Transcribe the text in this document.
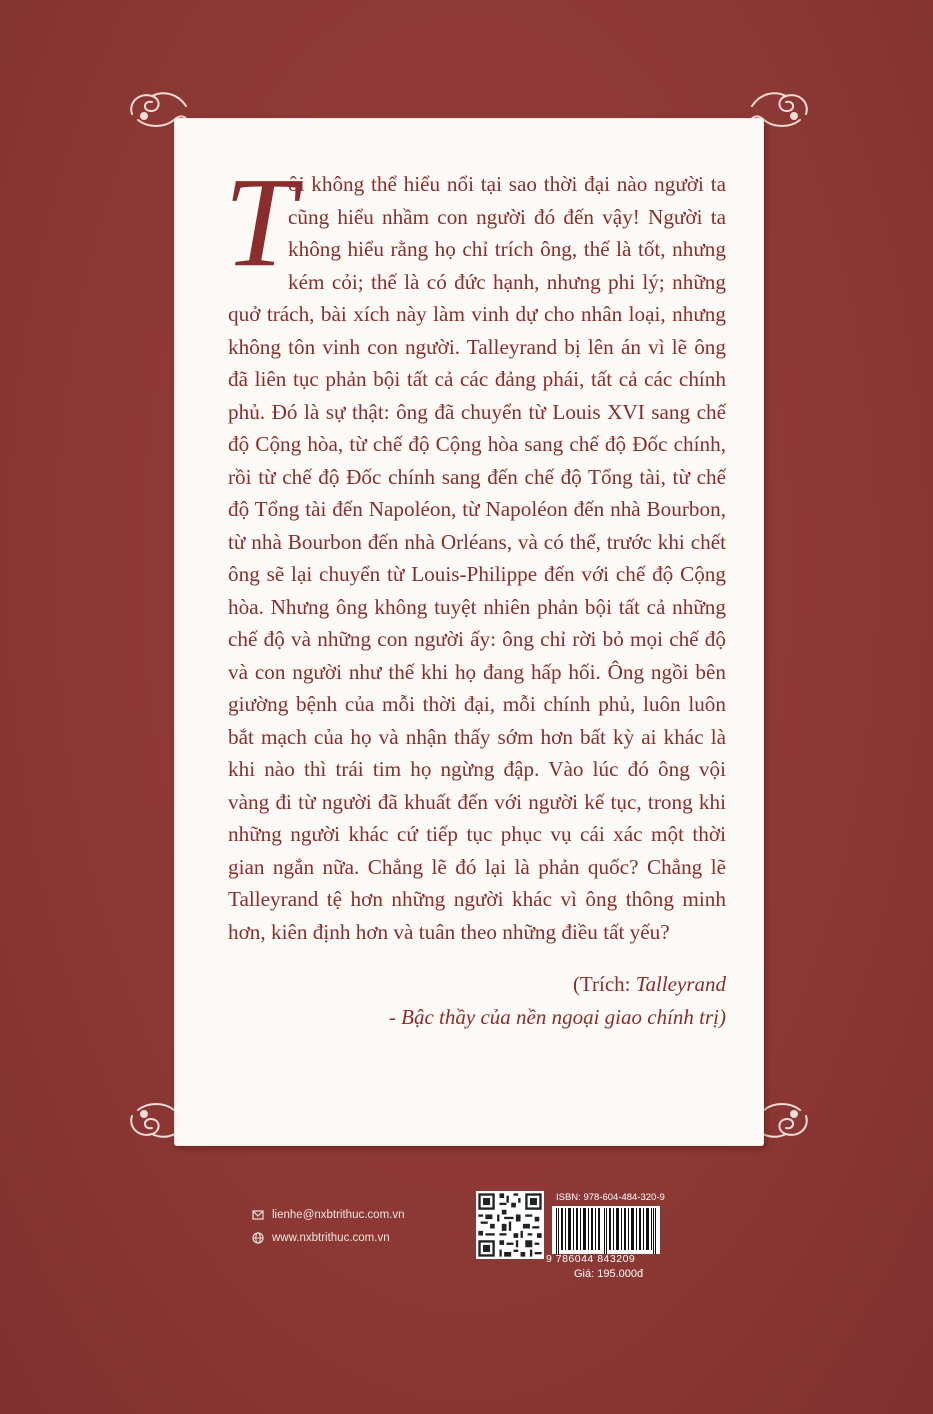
T
ôi không thể hiểu nổi tại sao thời đại nào người ta cũng hiểu nhầm con người đó đến vậy! Người ta không hiểu rằng họ chỉ trích ông, thế là tốt, nhưng kém cỏi; thế là có đức hạnh, nhưng phi lý; những quở trách, bài xích này làm vinh dự cho nhân loại, nhưng không tôn vinh con người. Talleyrand bị lên án vì lẽ ông đã liên tục phản bội tất cả các đảng phái, tất cả các chính phủ. Đó là sự thật: ông đã chuyển từ Louis XVI sang chế độ Cộng hòa, từ chế độ Cộng hòa sang chế độ Đốc chính, rồi từ chế độ Đốc chính sang đến chế độ Tổng tài, từ chế độ Tổng tài đến Napoléon, từ Napoléon đến nhà Bourbon, từ nhà Bourbon đến nhà Orléans, và có thể, trước khi chết ông sẽ lại chuyển từ Louis-Philippe đến với chế độ Cộng hòa. Nhưng ông không tuyệt nhiên phản bội tất cả những chế độ và những con người ấy: ông chỉ rời bỏ mọi chế độ và con người như thế khi họ đang hấp hối. Ông ngồi bên giường bệnh của mỗi thời đại, mỗi chính phủ, luôn luôn bắt mạch của họ và nhận thấy sớm hơn bất kỳ ai khác là khi nào thì trái tim họ ngừng đập. Vào lúc đó ông vội vàng đi từ người đã khuất đến với người kế tục, trong khi những người khác cứ tiếp tục phục vụ cái xác một thời gian ngắn nữa. Chẳng lẽ đó lại là phản quốc? Chẳng lẽ Talleyrand tệ hơn những người khác vì ông thông minh hơn, kiên định hơn và tuân theo những điều tất yếu?
(Trích: Talleyrand
- Bậc thầy của nền ngoại giao chính trị)
lienhe@nxbtrithuc.com.vn
www.nxbtrithuc.com.vn
ISBN: 978-604-484-320-9
9 786044 843209
Giá: 195.000đ
